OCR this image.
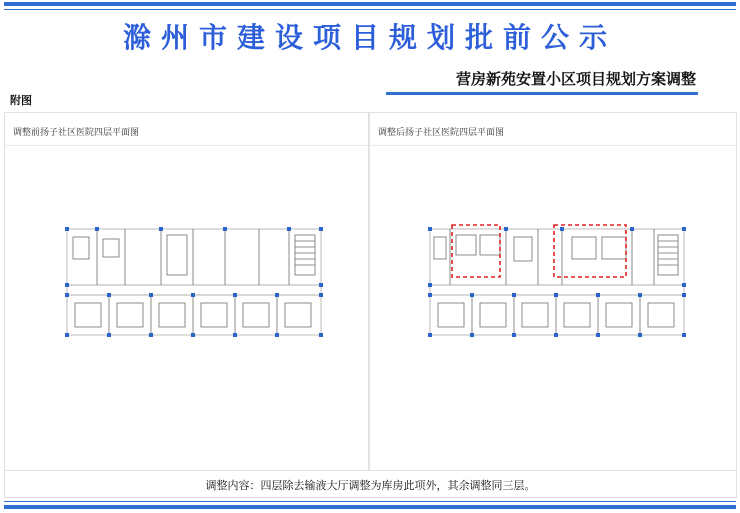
滁州市建设项目规划批前公示
营房新苑安置小区项目规划方案调整
附图
调整前扬子社区医院四层平面图	调整后扬子社区医院四层平面图
调整内容：四层除去输液大厅调整为库房此项外，其余调整同三层。
